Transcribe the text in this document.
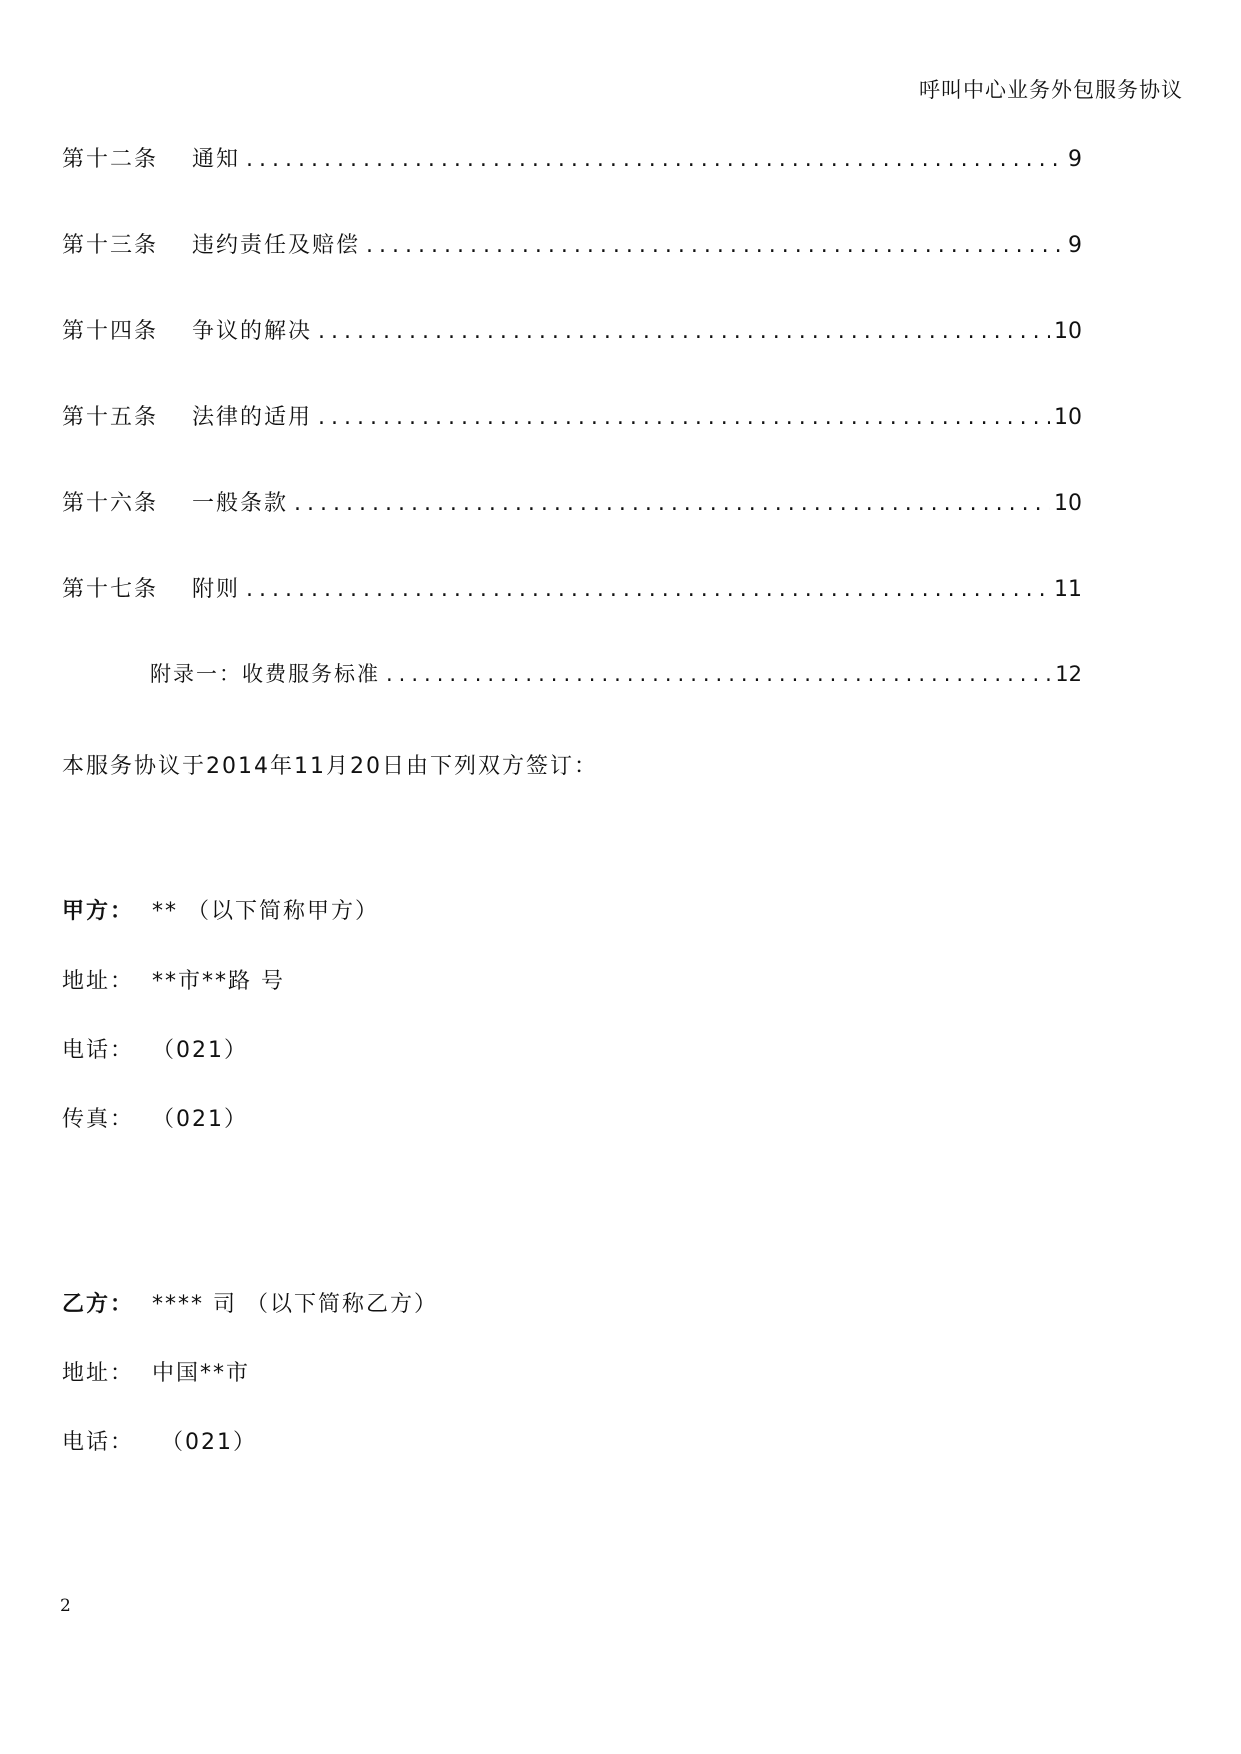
呼叫中心业务外包服务协议
第十二条	通知 .....	9
第十三条	违约责任及赔偿 .....	9
第十四条	争议的解决 .....	10
第十五条	法律的适用 .....	10
第十六条	一般条款 .....	10
第十七条	附则 .....	11
附录一：收费服务标准 .....	12
本服务协议于2014年11月20日由下列双方签订：
甲方： ** （以下简称甲方）
地址： **市**路 号
电话： （021）
传真： （021）
乙方： **** 司 （以下简称乙方）
地址： 中国**市
电话： （021）
2
